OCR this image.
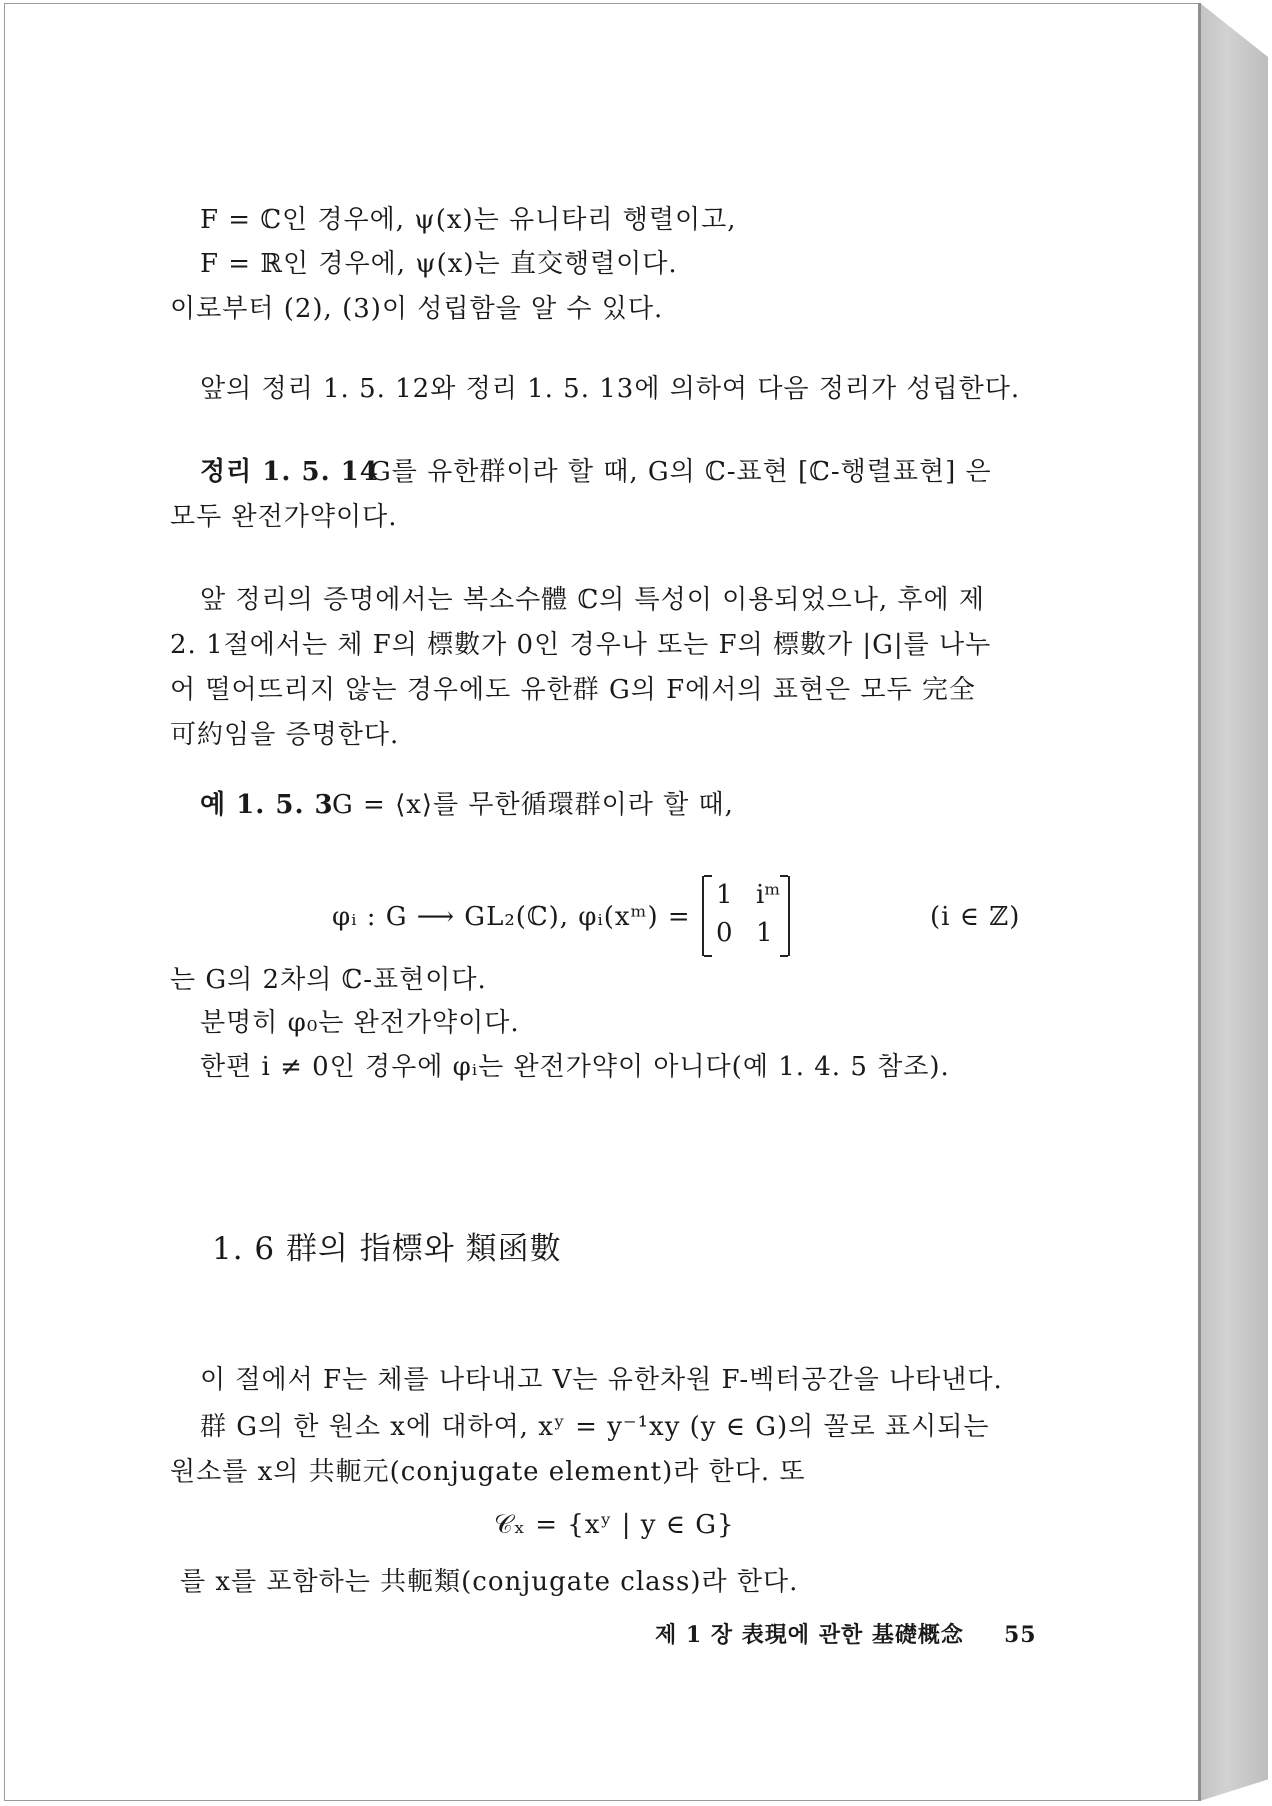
F = ℂ인 경우에, ψ(x)는 유니타리 행렬이고,
F = ℝ인 경우에, ψ(x)는 直交행렬이다.
이로부터 (2), (3)이 성립함을 알 수 있다.
앞의 정리 1. 5. 12와 정리 1. 5. 13에 의하여 다음 정리가 성립한다.
정리 1. 5. 14
G를 유한群이라 할 때, G의 ℂ-표현 [ℂ-행렬표현] 은
모두 완전가약이다.
앞 정리의 증명에서는 복소수體 ℂ의 특성이 이용되었으나, 후에 제
2. 1절에서는 체 F의 標數가 0인 경우나 또는 F의 標數가 |G|를 나누
어 떨어뜨리지 않는 경우에도 유한群 G의 F에서의 표현은 모두 完全
可約임을 증명한다.
예 1. 5. 3
G = ⟨x⟩를 무한循環群이라 할 때,
φᵢ : G ⟶ GL₂(ℂ), φᵢ(xᵐ) =
1 iᵐ
0 1
(i ∈ ℤ)
는 G의 2차의 ℂ-표현이다.
분명히 φ₀는 완전가약이다.
한편 i ≠ 0인 경우에 φᵢ는 완전가약이 아니다(예 1. 4. 5 참조).
1. 6 群의 指標와 類函數
이 절에서 F는 체를 나타내고 V는 유한차원 F-벡터공간을 나타낸다.
群 G의 한 원소 x에 대하여, xʸ = y⁻¹xy (y ∈ G)의 꼴로 표시되는
원소를 x의 共軛元(conjugate element)라 한다. 또
𝒞ₓ = {xʸ | y ∈ G}
를 x를 포함하는 共軛類(conjugate class)라 한다.
제 1 장 表現에 관한 基礎概念 55
